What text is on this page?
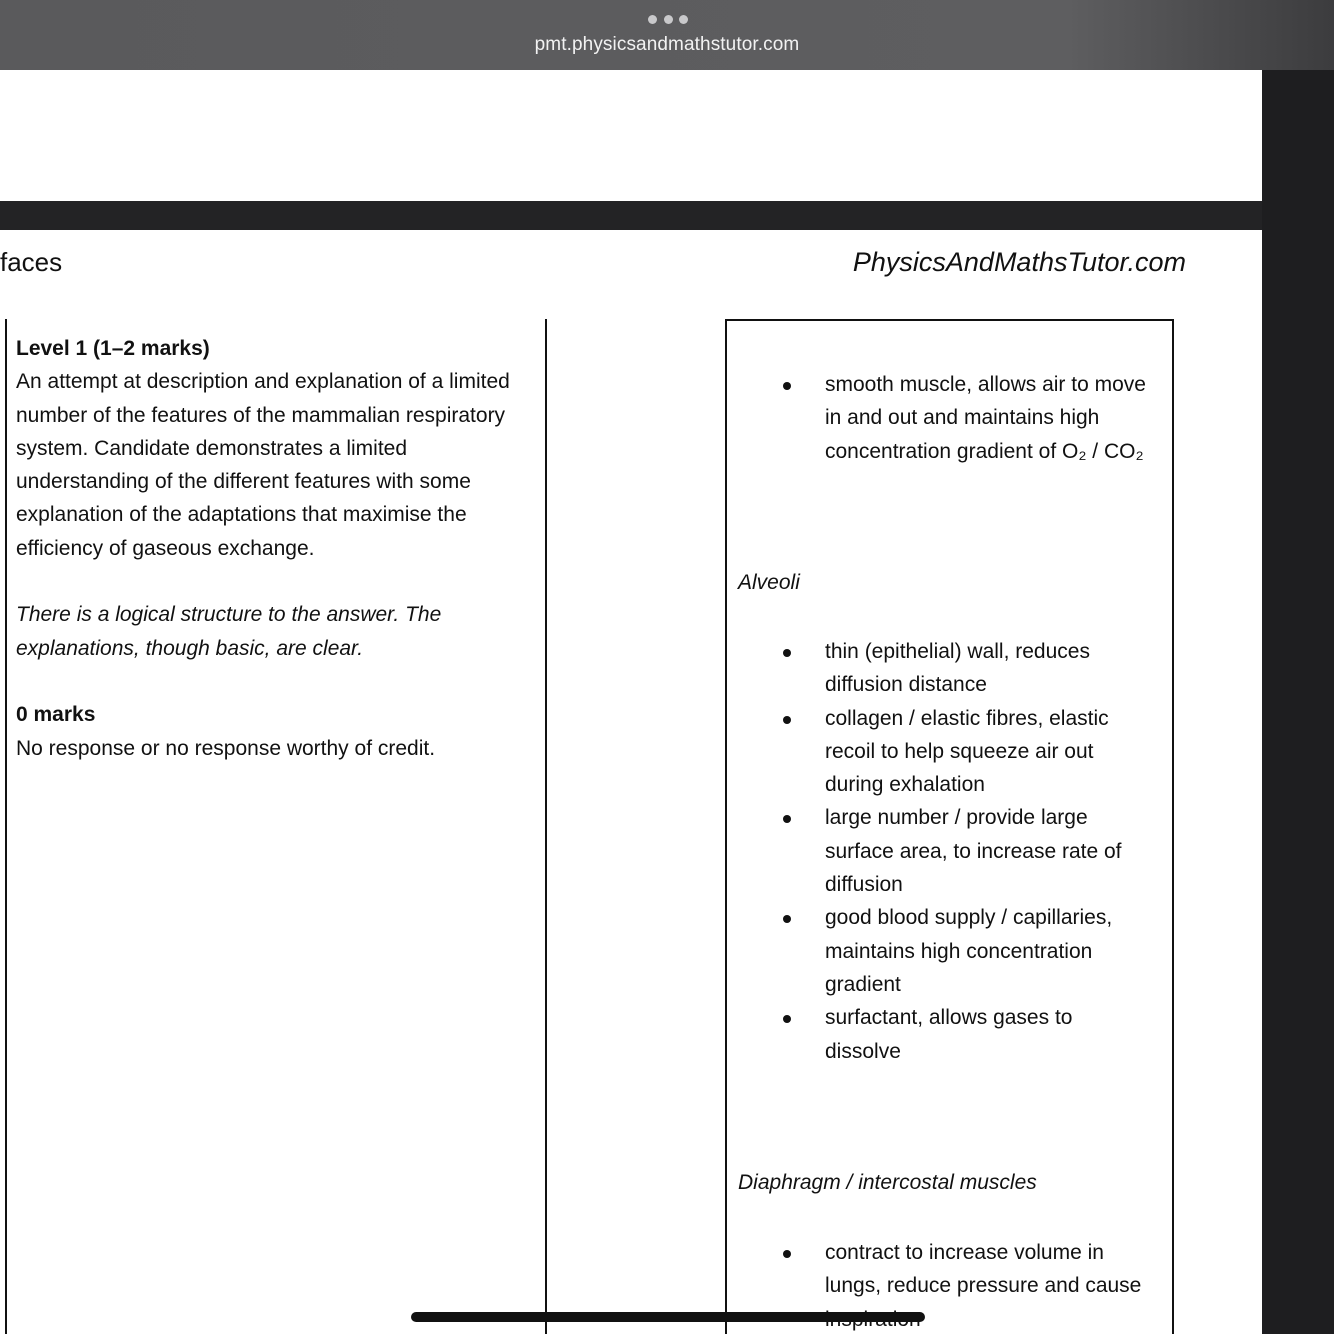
pmt.physicsandmathstutor.com
faces	PhysicsAndMathsTutor.com

Level 1 (1–2 marks)

An attempt at description and explanation of a limited

number of the features of the mammalian respiratory

system. Candidate demonstrates a limited

understanding of the different features with some

explanation of the adaptations that maximise the

efficiency of gaseous exchange.

There is a logical structure to the answer. The

explanations, though basic, are clear.

0 marks

No response or no response worthy of credit.

smooth muscle, allows air to move
in and out and maintains high
concentration gradient of O₂ / CO₂
Alveoli
thin (epithelial) wall, reduces
diffusion distance
collagen / elastic fibres, elastic
recoil to help squeeze air out
during exhalation
large number / provide large
surface area, to increase rate of
diffusion
good blood supply / capillaries,
maintains high concentration
gradient
surfactant, allows gases to
dissolve
Diaphragm / intercostal muscles
contract to increase volume in
lungs, reduce pressure and cause
